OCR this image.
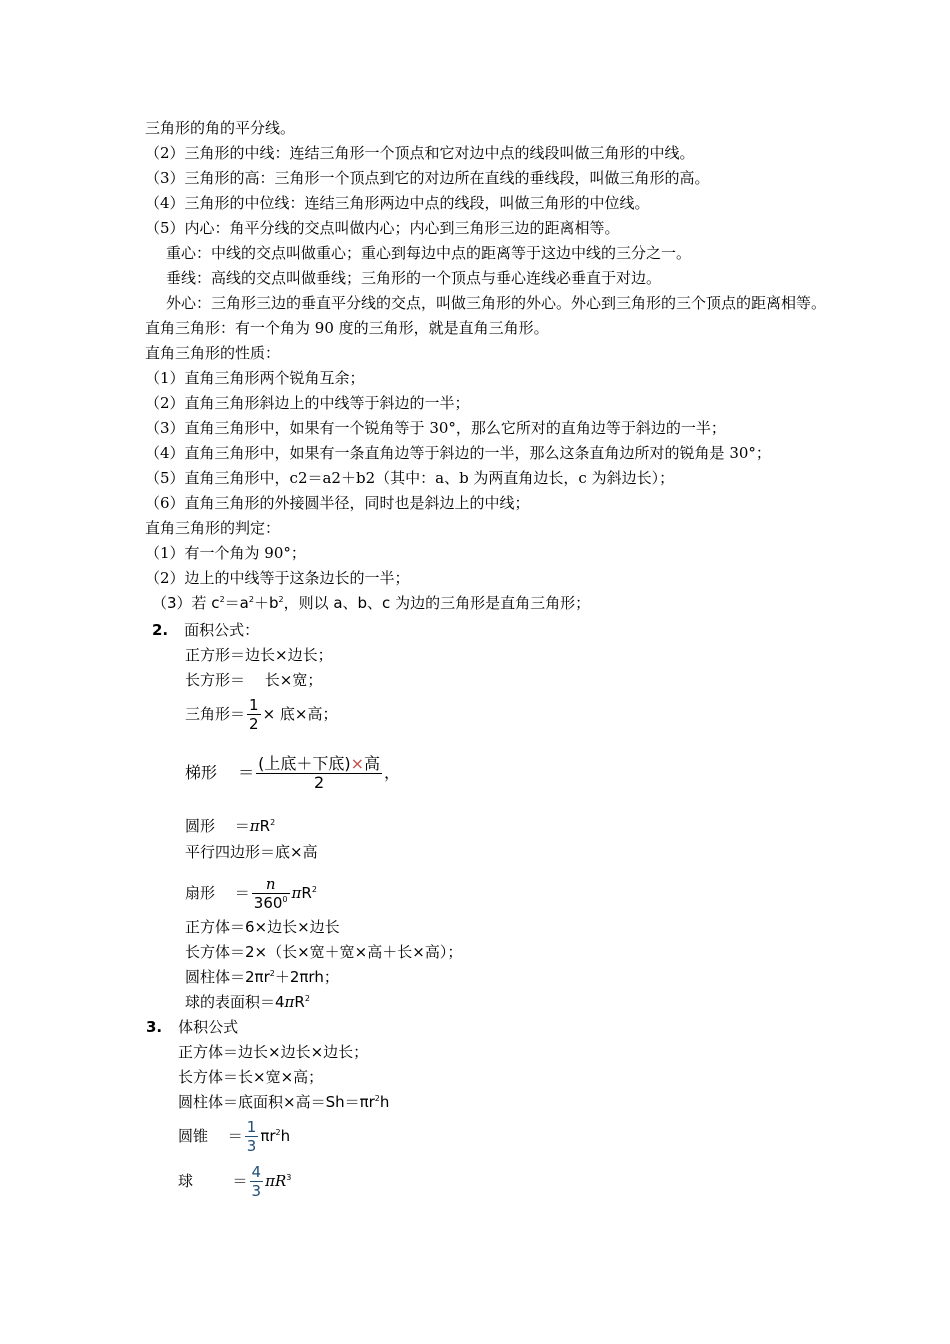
三角形的角的平分线。
（2）三角形的中线：连结三角形一个顶点和它对边中点的线段叫做三角形的中线。
（3）三角形的高：三角形一个顶点到它的对边所在直线的垂线段，叫做三角形的高。
（4）三角形的中位线：连结三角形两边中点的线段，叫做三角形的中位线。
（5）内心：角平分线的交点叫做内心；内心到三角形三边的距离相等。
重心：中线的交点叫做重心；重心到每边中点的距离等于这边中线的三分之一。
垂线：高线的交点叫做垂线；三角形的一个顶点与垂心连线必垂直于对边。
外心：三角形三边的垂直平分线的交点，叫做三角形的外心。外心到三角形的三个顶点的距离相等。
直角三角形：有一个角为 90 度的三角形，就是直角三角形。
直角三角形的性质：
（1）直角三角形两个锐角互余；
（2）直角三角形斜边上的中线等于斜边的一半；
（3）直角三角形中，如果有一个锐角等于 30°，那么它所对的直角边等于斜边的一半；
（4）直角三角形中，如果有一条直角边等于斜边的一半，那么这条直角边所对的锐角是 30°；
（5）直角三角形中，c2＝a2＋b2（其中：a、b 为两直角边长，c 为斜边长）；
（6）直角三角形的外接圆半径，同时也是斜边上的中线；
直角三角形的判定：
（1）有一个角为 90°；
（2）边上的中线等于这条边长的一半；
（3）若 $c^2=a^2+b^2$，则以 a、b、c 为边的三角形是直角三角形；
2. 面积公式：
正方形＝边长×边长；
长方形＝ 　长×宽；
三角形＝ $\frac{1}{2}$ × 底×高；
梯形 　＝ $\frac{\text{(上底＋下底)×高}}{2}$ ，
圆形 　$=\pi R^2$
平行四边形＝底×高
扇形 　＝ $\frac{n}{360^0} \pi R^2$
正方体＝6×边长×边长
长方体＝2×（长×宽＋宽×高＋长×高）；
圆柱体$=2\pi r^2+2\pi rh$；
球的表面积$=4\pi R^2$
3. 体积公式
正方体＝边长×边长×边长；
长方体＝长×宽×高；
圆柱体＝底面积×高$=Sh=\pi r^2h$
圆锥 　＝ $\frac{1}{3} \pi r^2h$
球 　 　＝ $\frac{4}{3} \pi R^3$
